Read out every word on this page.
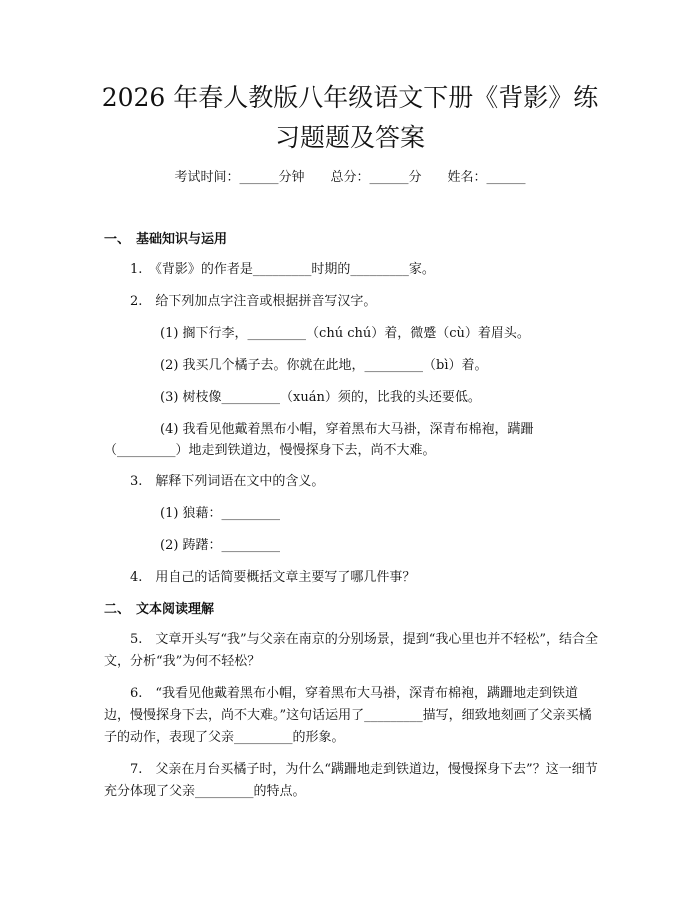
2026 年春人教版八年级语文下册《背影》练
习题题及答案
考试时间：______分钟 总分：______分 姓名：______
一、 基础知识与运用
1.　《背影》的作者是_________时期的_________家。
2.　给下列加点字注音或根据拼音写汉字。
(1) 搁下行李，_________（chú chú）着，微蹙（cù）着眉头。
(2) 我买几个橘子去。你就在此地，_________（bì）着。
(3) 树枝像_________（xuán）须的，比我的头还要低。
(4) 我看见他戴着黑布小帽，穿着黑布大马褂，深青布棉袍，蹒跚
（_________）地走到铁道边，慢慢探身下去，尚不大难。
3.　解释下列词语在文中的含义。
(1) 狼藉：_________
(2) 踌躇：_________
4.　用自己的话简要概括文章主要写了哪几件事？
二、 文本阅读理解
5.　文章开头写“我”与父亲在南京的分别场景，提到“我心里也并不轻松”，结合全文，分析“我”为何不轻松？
6.　“我看见他戴着黑布小帽，穿着黑布大马褂，深青布棉袍，蹒跚地走到铁道边，慢慢探身下去，尚不大难。”这句话运用了_________描写，细致地刻画了父亲买橘子的动作，表现了父亲_________的形象。
7.　父亲在月台买橘子时，为什么“蹒跚地走到铁道边，慢慢探身下去”？这一细节充分体现了父亲_________的特点。
